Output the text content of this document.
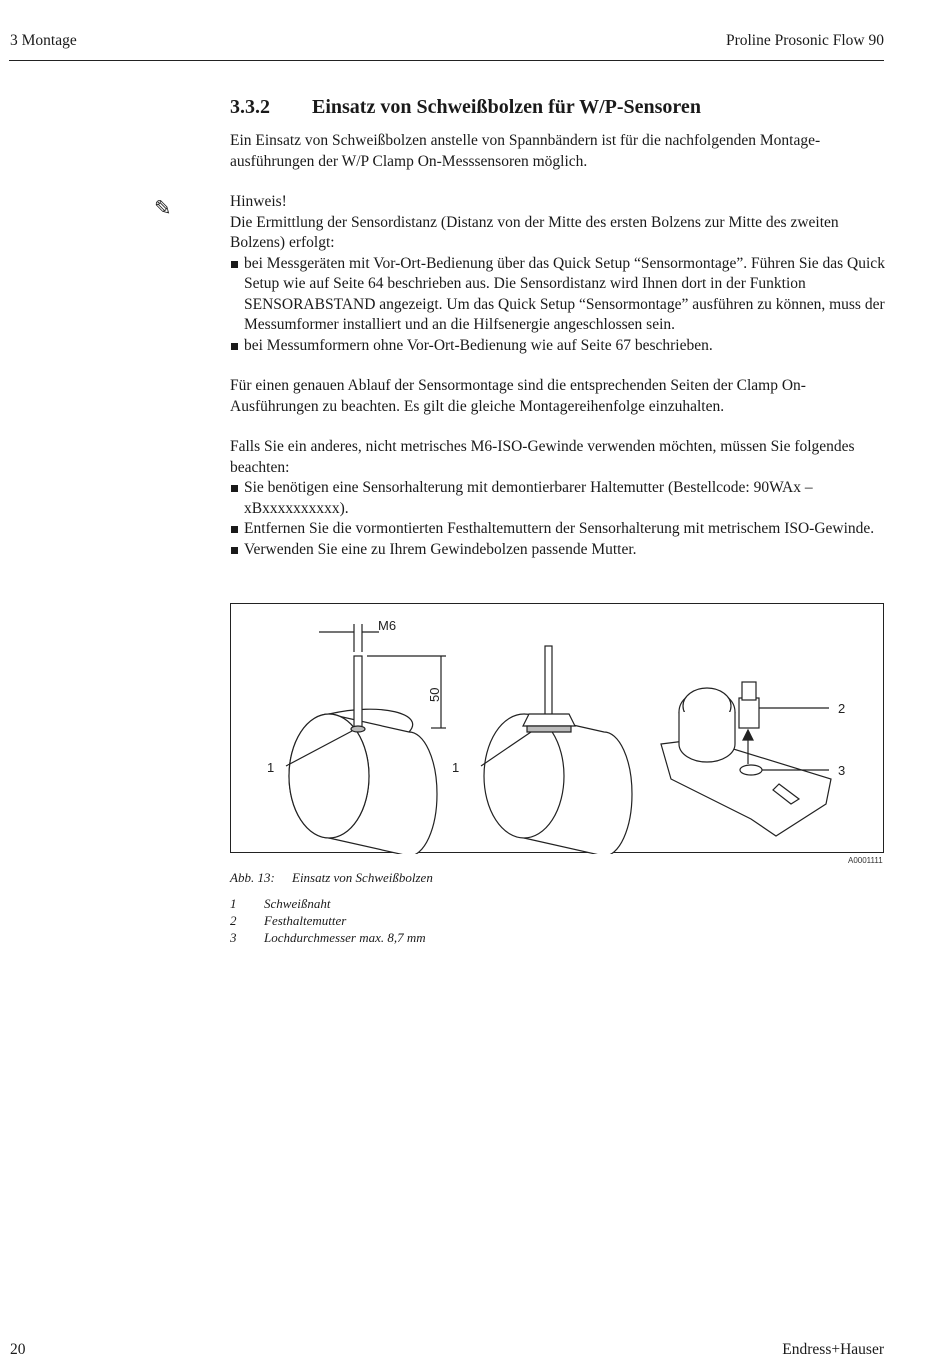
3 Montage	Proline Prosonic Flow 90
✎
3.3.2	Einsatz von Schweißbolzen für W/P-Sensoren

Ein Einsatz von Schweißbolzen anstelle von Spannbändern ist für die nachfolgenden Montage-ausführungen der W/P Clamp On-Messsensoren möglich.

Hinweis!

Die Ermittlung der Sensordistanz (Distanz von der Mitte des ersten Bolzens zur Mitte des zweiten Bolzens) erfolgt:

bei Messgeräten mit Vor-Ort-Bedienung über das Quick Setup “Sensormontage”. Führen Sie das Quick Setup wie auf Seite 64 beschrieben aus. Die Sensordistanz wird Ihnen dort in der Funktion SENSORABSTAND angezeigt. Um das Quick Setup “Sensormontage” ausführen zu können, muss der Messumformer installiert und an die Hilfsenergie angeschlossen sein.
bei Messumformern ohne Vor-Ort-Bedienung wie auf Seite 67 beschrieben.

Für einen genauen Ablauf der Sensormontage sind die entsprechenden Seiten der Clamp On-Ausführungen zu beachten. Es gilt die gleiche Montagereihenfolge einzuhalten.

Falls Sie ein anderes, nicht metrisches M6-ISO-Gewinde verwenden möchten, müssen Sie folgendes beachten:

Sie benötigen eine Sensorhalterung mit demontierbarer Haltemutter (Bestellcode: 90WAx – xBxxxxxxxxxx).
Entfernen Sie die vormontierten Festhaltemuttern der Sensorhalterung mit metrischem ISO-Gewinde.
Verwenden Sie eine zu Ihrem Gewindebolzen passende Mutter.
M6
50
1	1
2
3
A0001111
Abb. 13: Einsatz von Schweißbolzen
1 Schweißnaht
2 Festhaltemutter
3 Lochdurchmesser max. 8,7 mm
20	Endress+Hauser
